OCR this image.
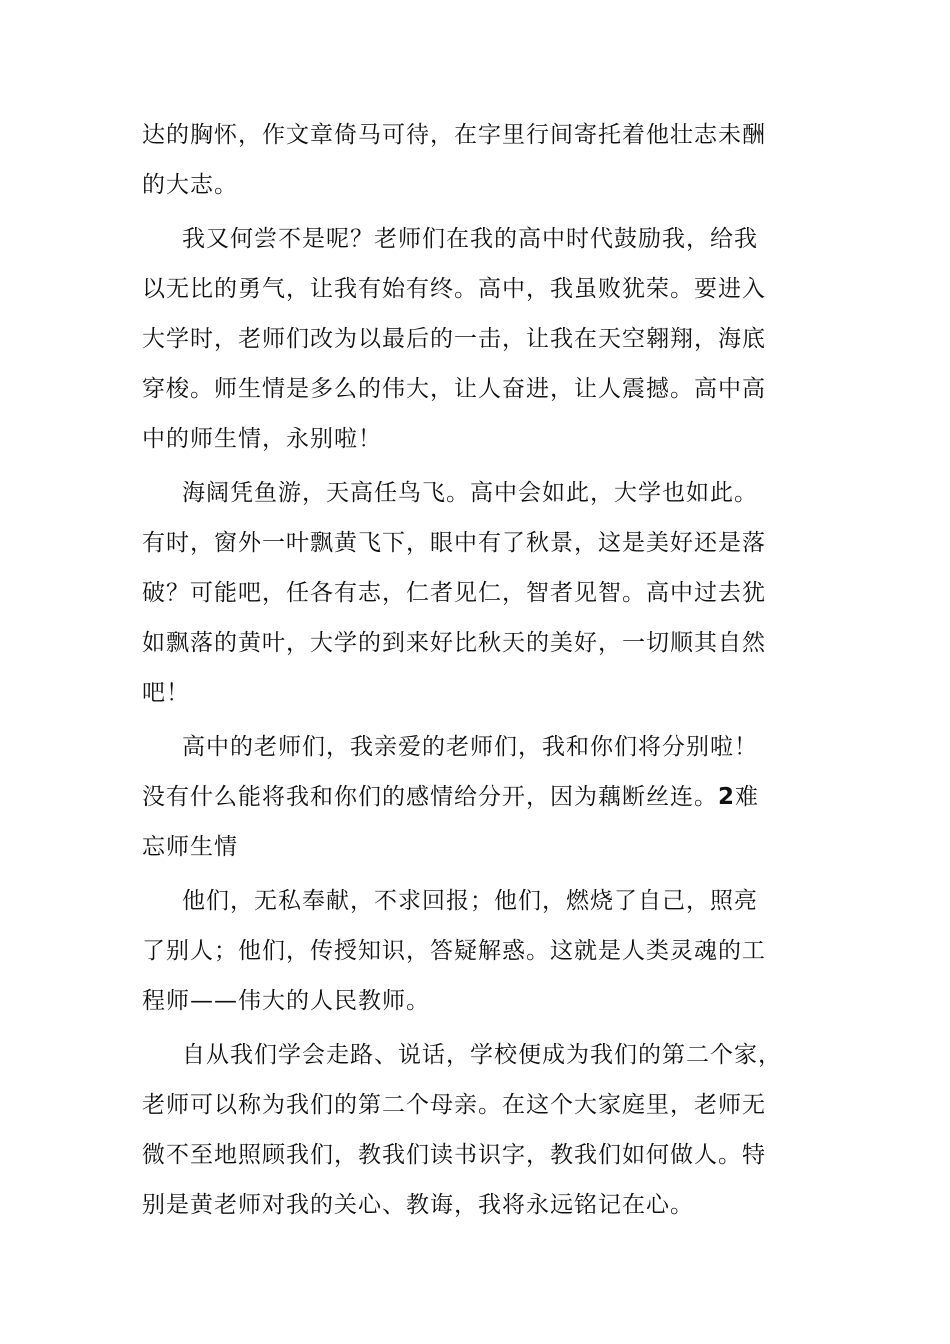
达的胸怀，作文章倚马可待，在字里行间寄托着他壮志未酬
的大志。

我又何尝不是呢？老师们在我的高中时代鼓励我，给我
以无比的勇气，让我有始有终。高中，我虽败犹荣。要进入
大学时，老师们改为以最后的一击，让我在天空翱翔，海底
穿梭。师生情是多么的伟大，让人奋进，让人震撼。高中高
中的师生情，永别啦！

海阔凭鱼游，天高任鸟飞。高中会如此，大学也如此。
有时，窗外一叶飘黄飞下，眼中有了秋景，这是美好还是落
破？可能吧，任各有志，仁者见仁，智者见智。高中过去犹
如飘落的黄叶，大学的到来好比秋天的美好，一切顺其自然
吧！

高中的老师们，我亲爱的老师们，我和你们将分别啦！
没有什么能将我和你们的感情给分开，因为藕断丝连。2难
忘师生情

他们，无私奉献，不求回报；他们，燃烧了自己，照亮
了别人；他们，传授知识，答疑解惑。这就是人类灵魂的工
程师——伟大的人民教师。

自从我们学会走路、说话，学校便成为我们的第二个家，
老师可以称为我们的第二个母亲。在这个大家庭里，老师无
微不至地照顾我们，教我们读书识字，教我们如何做人。特
别是黄老师对我的关心、教诲，我将永远铭记在心。
